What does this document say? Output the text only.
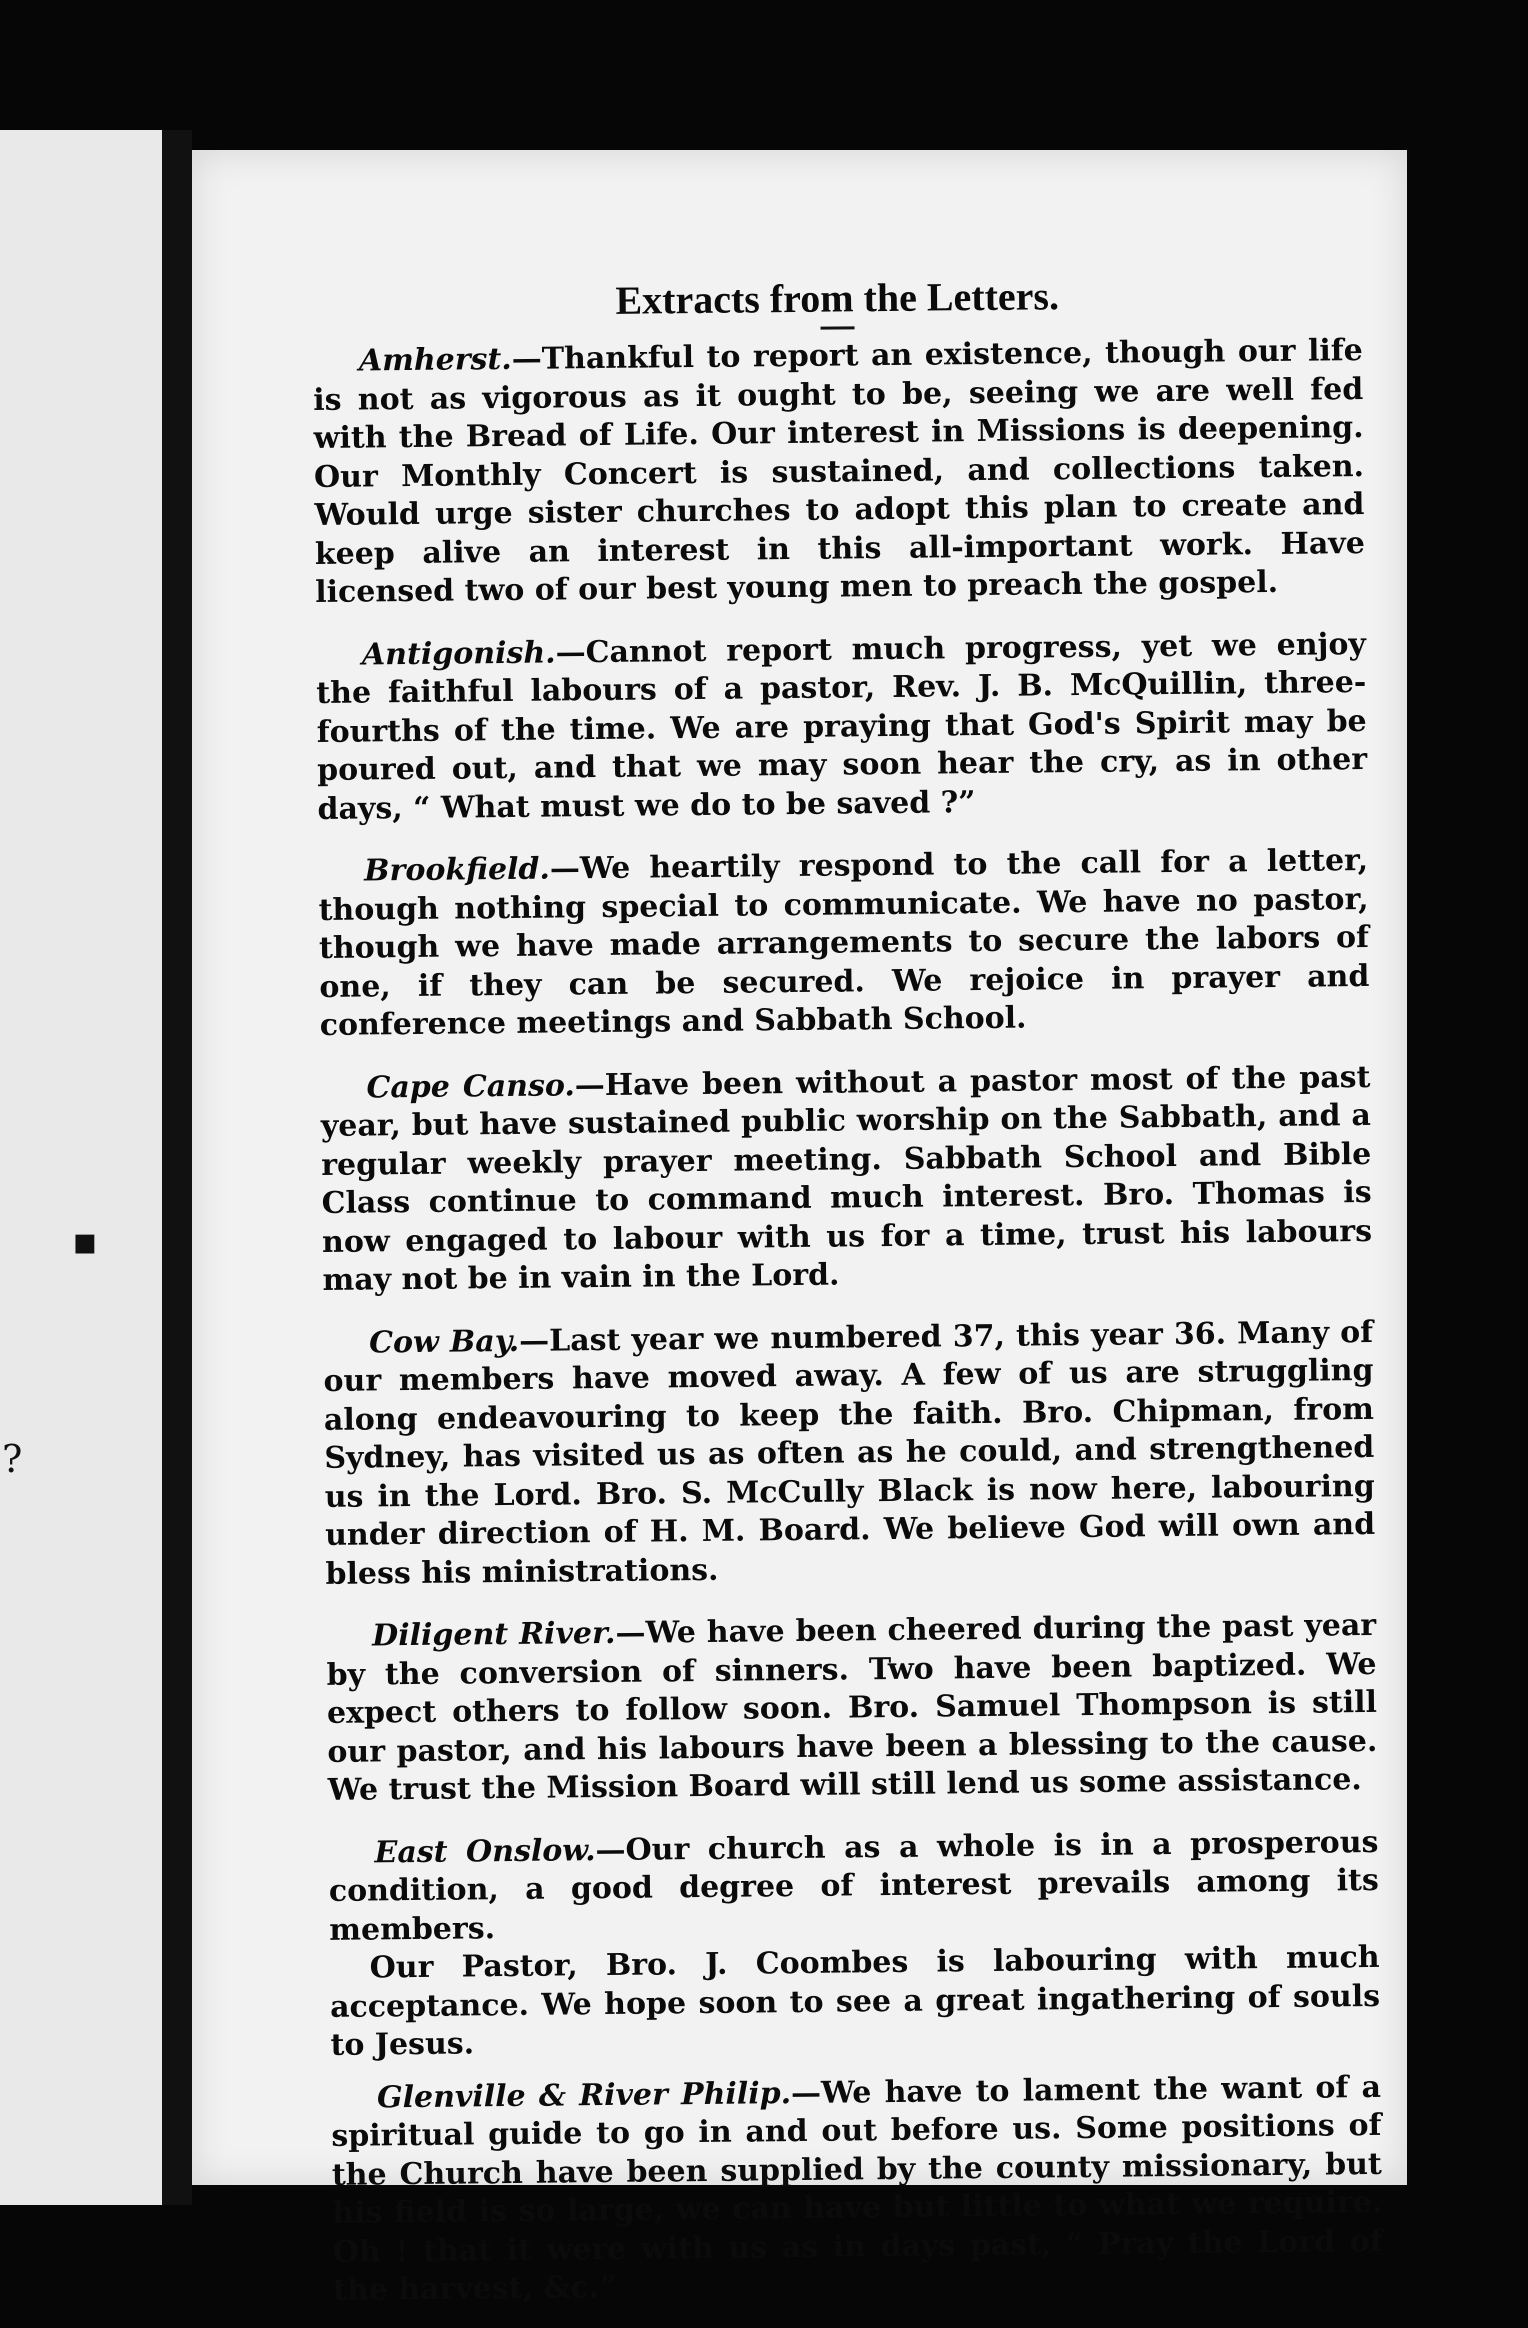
▪
?
Extracts from the Letters.

Amherst.—Thankful to report an existence, though our life is not as vigorous as it ought to be, seeing we are well fed with the Bread of Life. Our interest in Missions is deepening. Our Monthly Concert is sustained, and collections taken. Would urge sister churches to adopt this plan to create and keep alive an interest in this all-important work. Have licensed two of our best young men to preach the gospel.

Antigonish.—Cannot report much progress, yet we enjoy the faithful labours of a pastor, Rev. J. B. McQuillin, three-fourths of the time. We are praying that God's Spirit may be poured out, and that we may soon hear the cry, as in other days, “ What must we do to be saved ?”

Brookfield.—We heartily respond to the call for a letter, though nothing special to communicate. We have no pastor, though we have made arrangements to secure the labors of one, if they can be secured. We rejoice in prayer and conference meetings and Sabbath School.

Cape Canso.—Have been without a pastor most of the past year, but have sustained public worship on the Sabbath, and a regular weekly prayer meeting. Sabbath School and Bible Class continue to command much interest. Bro. Thomas is now engaged to labour with us for a time, trust his labours may not be in vain in the Lord.

Cow Bay.—Last year we numbered 37, this year 36. Many of our members have moved away. A few of us are struggling along endeavouring to keep the faith. Bro. Chipman, from Sydney, has visited us as often as he could, and strengthened us in the Lord. Bro. S. McCully Black is now here, labouring under direction of H. M. Board. We believe God will own and bless his ministrations.

Diligent River.—We have been cheered during the past year by the conversion of sinners. Two have been baptized. We expect others to follow soon. Bro. Samuel Thompson is still our pastor, and his labours have been a blessing to the cause. We trust the Mission Board will still lend us some assistance.

East Onslow.—Our church as a whole is in a prosperous condition, a good degree of interest prevails among its members.

Our Pastor, Bro. J. Coombes is labouring with much acceptance. We hope soon to see a great ingathering of souls to Jesus.

Glenville & River Philip.—We have to lament the want of a spiritual guide to go in and out before us. Some positions of the Church have been supplied by the county missionary, but his field is so large, we can have but little to what we require. Oh ! that it were with us as in days past, “ Pray the Lord of the harvest, &c.”
